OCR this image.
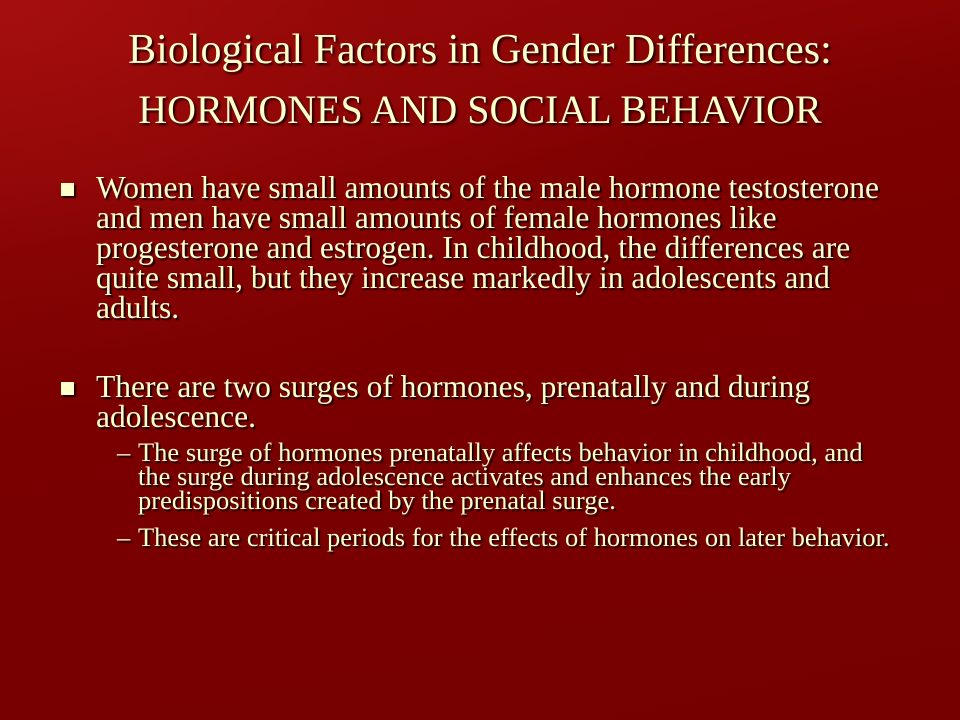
Biological Factors in Gender Differences:
HORMONES AND SOCIAL BEHAVIOR
Women have small amounts of the male hormone testosterone
and men have small amounts of female hormones like
progesterone and estrogen. In childhood, the differences are
quite small, but they increase markedly in adolescents and
adults.
There are two surges of hormones, prenatally and during
adolescence.
– The surge of hormones prenatally affects behavior in childhood, and
the surge during adolescence activates and enhances the early
predispositions created by the prenatal surge.
– These are critical periods for the effects of hormones on later behavior.
